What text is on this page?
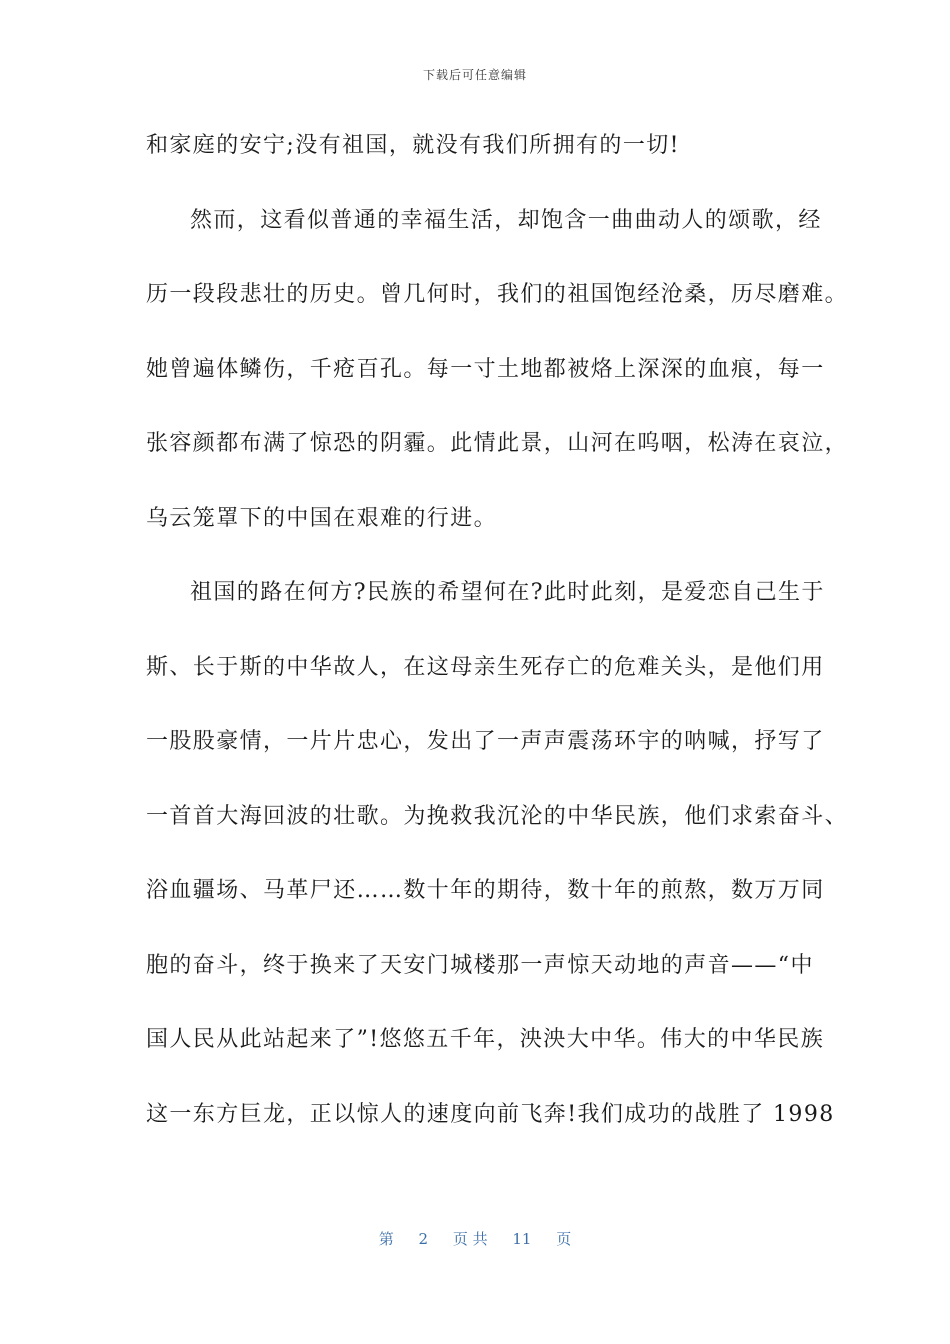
下载后可任意编辑
和家庭的安宁;没有祖国，就没有我们所拥有的一切!
然而，这看似普通的幸福生活，却饱含一曲曲动人的颂歌，经
历一段段悲壮的历史。曾几何时，我们的祖国饱经沧桑，历尽磨难。
她曾遍体鳞伤，千疮百孔。每一寸土地都被烙上深深的血痕，每一
张容颜都布满了惊恐的阴霾。此情此景，山河在呜咽，松涛在哀泣，
乌云笼罩下的中国在艰难的行进。
祖国的路在何方?民族的希望何在?此时此刻，是爱恋自己生于
斯、长于斯的中华故人，在这母亲生死存亡的危难关头，是他们用
一股股豪情，一片片忠心，发出了一声声震荡环宇的呐喊，抒写了
一首首大海回波的壮歌。为挽救我沉沦的中华民族，他们求索奋斗、
浴血疆场、马革尸还……数十年的期待，数十年的煎熬，数万万同
胞的奋斗，终于换来了天安门城楼那一声惊天动地的声音——“中
国人民从此站起来了”!悠悠五千年，泱泱大中华。伟大的中华民族
这一东方巨龙，正以惊人的速度向前飞奔!我们成功的战胜了 1998
第 2 页 共 11 页
